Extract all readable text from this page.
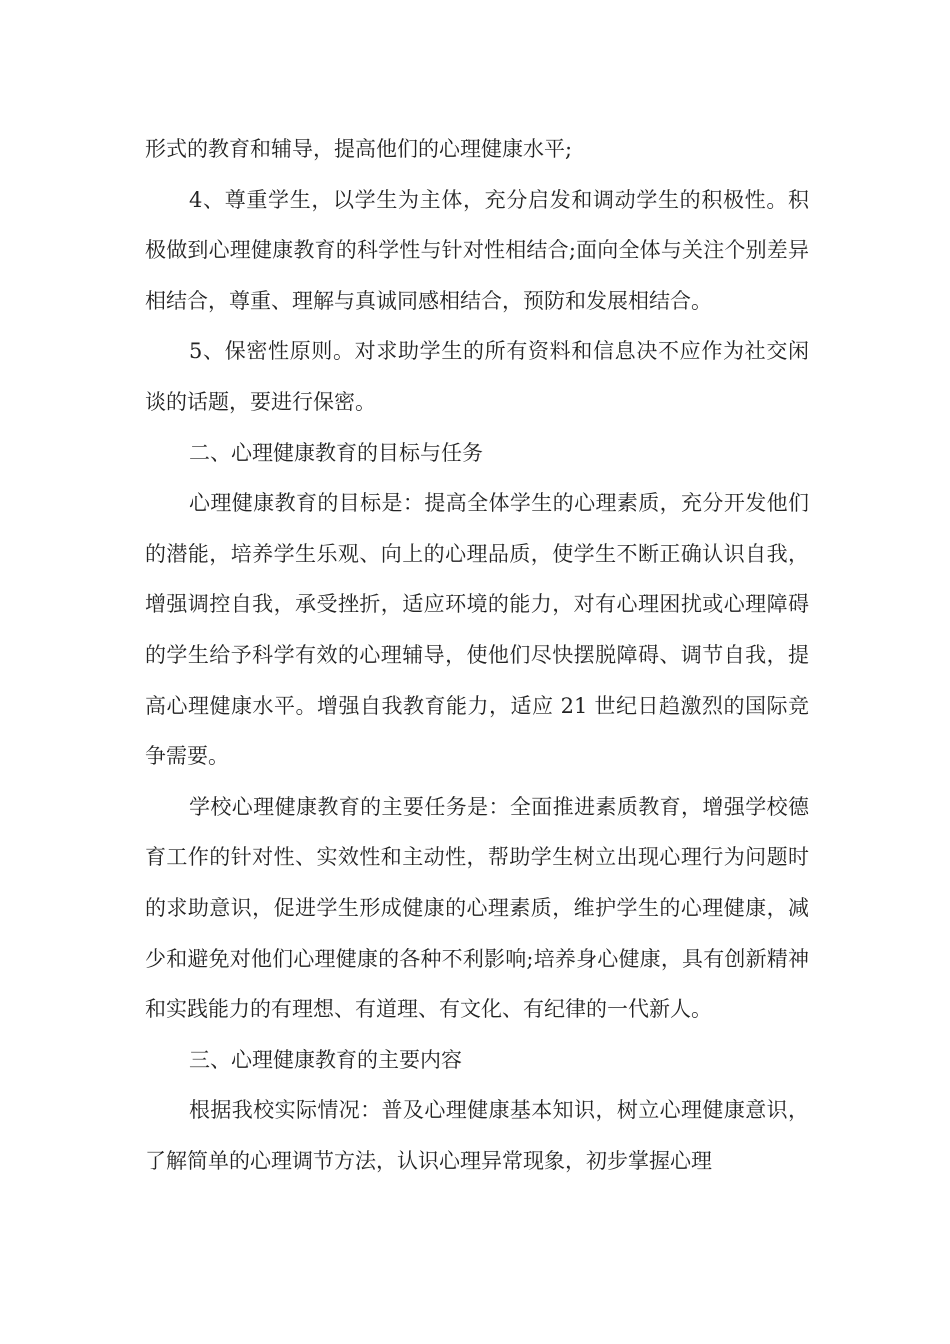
形式的教育和辅导，提高他们的心理健康水平;

4、尊重学生，以学生为主体，充分启发和调动学生的积极性。积极做到心理健康教育的科学性与针对性相结合;面向全体与关注个别差异相结合，尊重、理解与真诚同感相结合，预防和发展相结合。

5、保密性原则。对求助学生的所有资料和信息决不应作为社交闲谈的话题，要进行保密。

二、心理健康教育的目标与任务

心理健康教育的目标是：提高全体学生的心理素质，充分开发他们的潜能，培养学生乐观、向上的心理品质，使学生不断正确认识自我，增强调控自我，承受挫折，适应环境的能力，对有心理困扰或心理障碍的学生给予科学有效的心理辅导，使他们尽快摆脱障碍、调节自我，提高心理健康水平。增强自我教育能力，适应 21 世纪日趋激烈的国际竞争需要。

学校心理健康教育的主要任务是：全面推进素质教育，增强学校德育工作的针对性、实效性和主动性，帮助学生树立出现心理行为问题时的求助意识，促进学生形成健康的心理素质，维护学生的心理健康，减少和避免对他们心理健康的各种不利影响;培养身心健康，具有创新精神和实践能力的有理想、有道理、有文化、有纪律的一代新人。

三、心理健康教育的主要内容

根据我校实际情况：普及心理健康基本知识，树立心理健康意识，了解简单的心理调节方法，认识心理异常现象，初步掌握心理
